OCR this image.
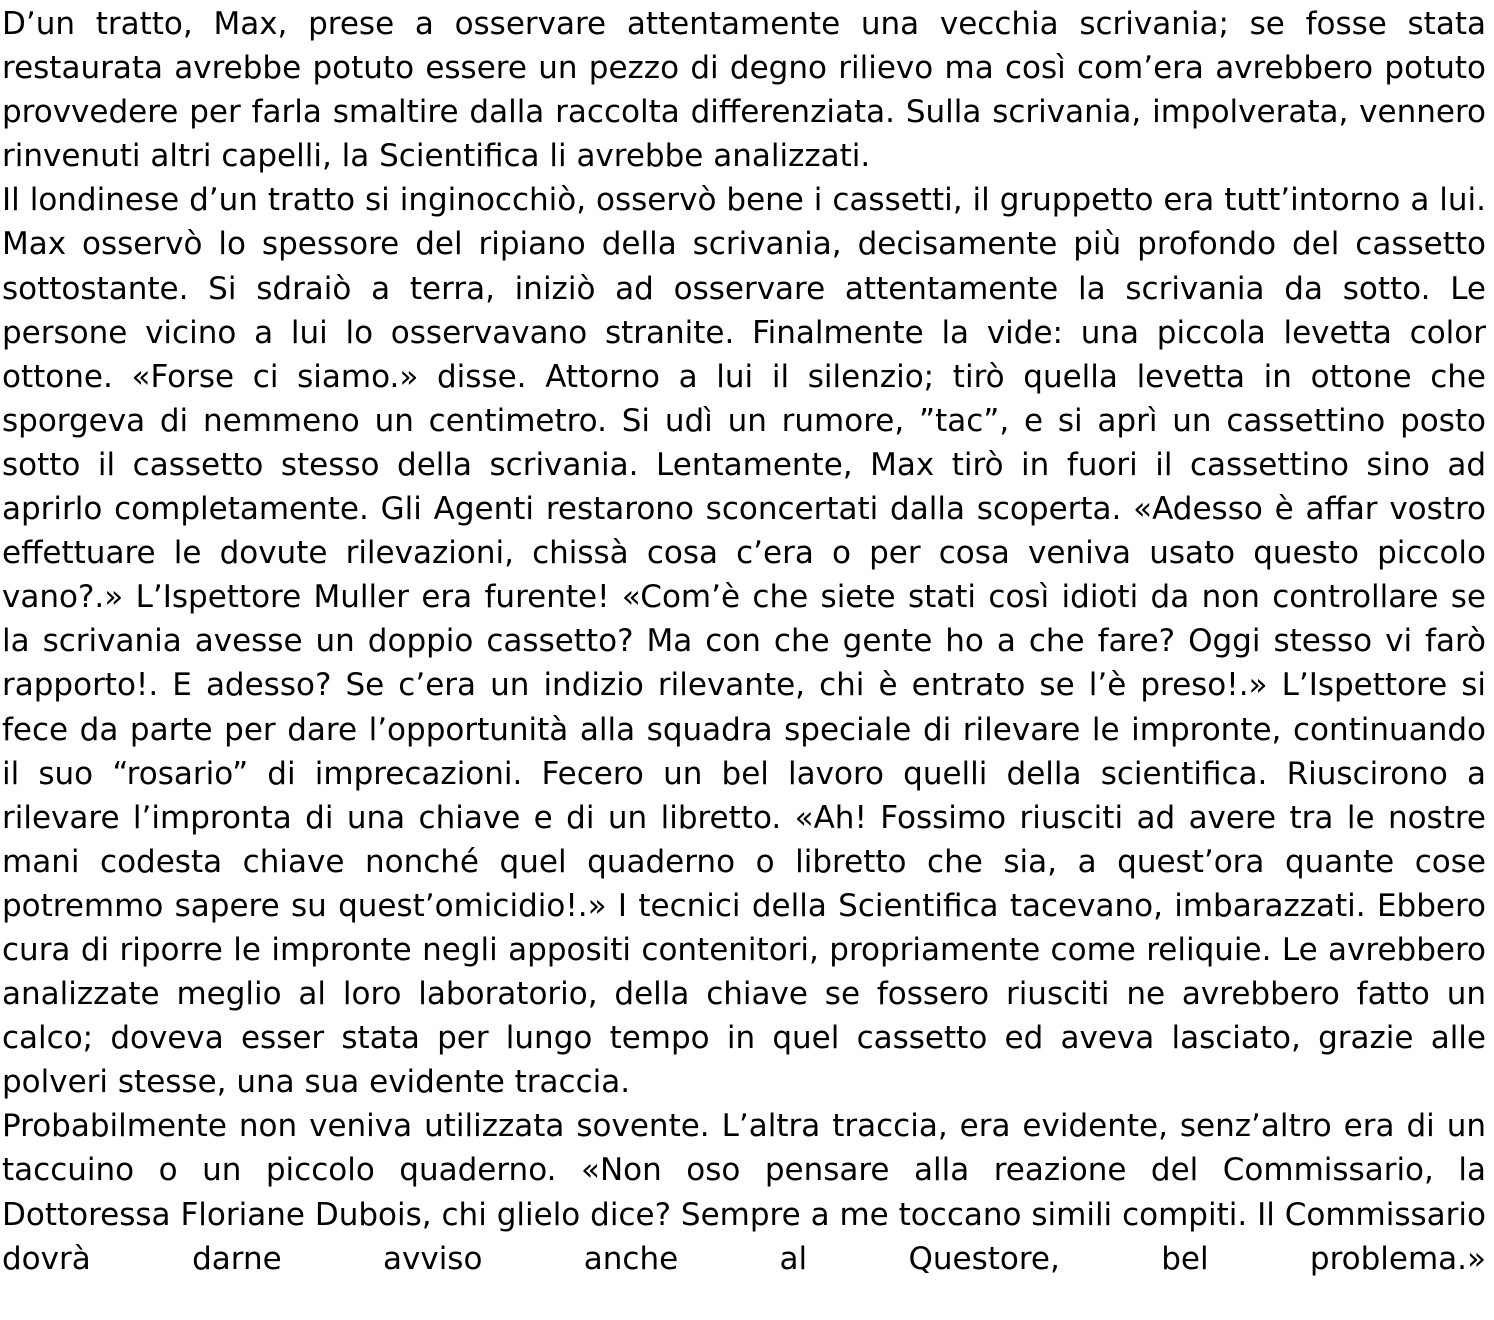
D’un tratto, Max, prese a osservare attentamente una vecchia scrivania; se fosse stata restaurata avrebbe potuto essere un pezzo di degno rilievo ma così com’era avrebbero potuto provvedere per farla smaltire dalla raccolta differenziata. Sulla scrivania, impolverata, vennero rinvenuti altri capelli, la Scientifica li avrebbe analizzati.

Il londinese d’un tratto si inginocchiò, osservò bene i cassetti, il gruppetto era tutt’intorno a lui. Max osservò lo spessore del ripiano della scrivania, decisamente più profondo del cassetto sottostante. Si sdraiò a terra, iniziò ad osservare attentamente la scrivania da sotto. Le persone vicino a lui lo osservavano stranite. Finalmente la vide: una piccola levetta color ottone. «Forse ci siamo.» disse. Attorno a lui il silenzio; tirò quella levetta in ottone che sporgeva di nemmeno un centimetro. Si udì un rumore, ”tac”, e si aprì un cassettino posto sotto il cassetto stesso della scrivania. Lentamente, Max tirò in fuori il cassettino sino ad aprirlo completamente. Gli Agenti restarono sconcertati dalla scoperta. «Adesso è affar vostro effettuare le dovute rilevazioni, chissà cosa c’era o per cosa veniva usato questo piccolo vano?.» L’Ispettore Muller era furente! «Com’è che siete stati così idioti da non controllare se la scrivania avesse un doppio cassetto? Ma con che gente ho a che fare? Oggi stesso vi farò rapporto!. E adesso? Se c’era un indizio rilevante, chi è entrato se l’è preso!.» L’Ispettore si fece da parte per dare l’opportunità alla squadra speciale di rilevare le impronte, continuando il suo “rosario” di imprecazioni. Fecero un bel lavoro quelli della scientifica. Riuscirono a rilevare l’impronta di una chiave e di un libretto. «Ah! Fossimo riusciti ad avere tra le nostre mani codesta chiave nonché quel quaderno o libretto che sia, a quest’ora quante cose potremmo sapere su quest’omicidio!.» I tecnici della Scientifica tacevano, imbarazzati. Ebbero cura di riporre le impronte negli appositi contenitori, propriamente come reliquie. Le avrebbero analizzate meglio al loro laboratorio, della chiave se fossero riusciti ne avrebbero fatto un calco; doveva esser stata per lungo tempo in quel cassetto ed aveva lasciato, grazie alle polveri stesse, una sua evidente traccia.

Probabilmente non veniva utilizzata sovente. L’altra traccia, era evidente, senz’altro era di un taccuino o un piccolo quaderno. «Non oso pensare alla reazione del Commissario, la Dottoressa Floriane Dubois, chi glielo dice? Sempre a me toccano simili compiti. Il Commissario dovrà darne avviso anche al Questore, bel problema.»
